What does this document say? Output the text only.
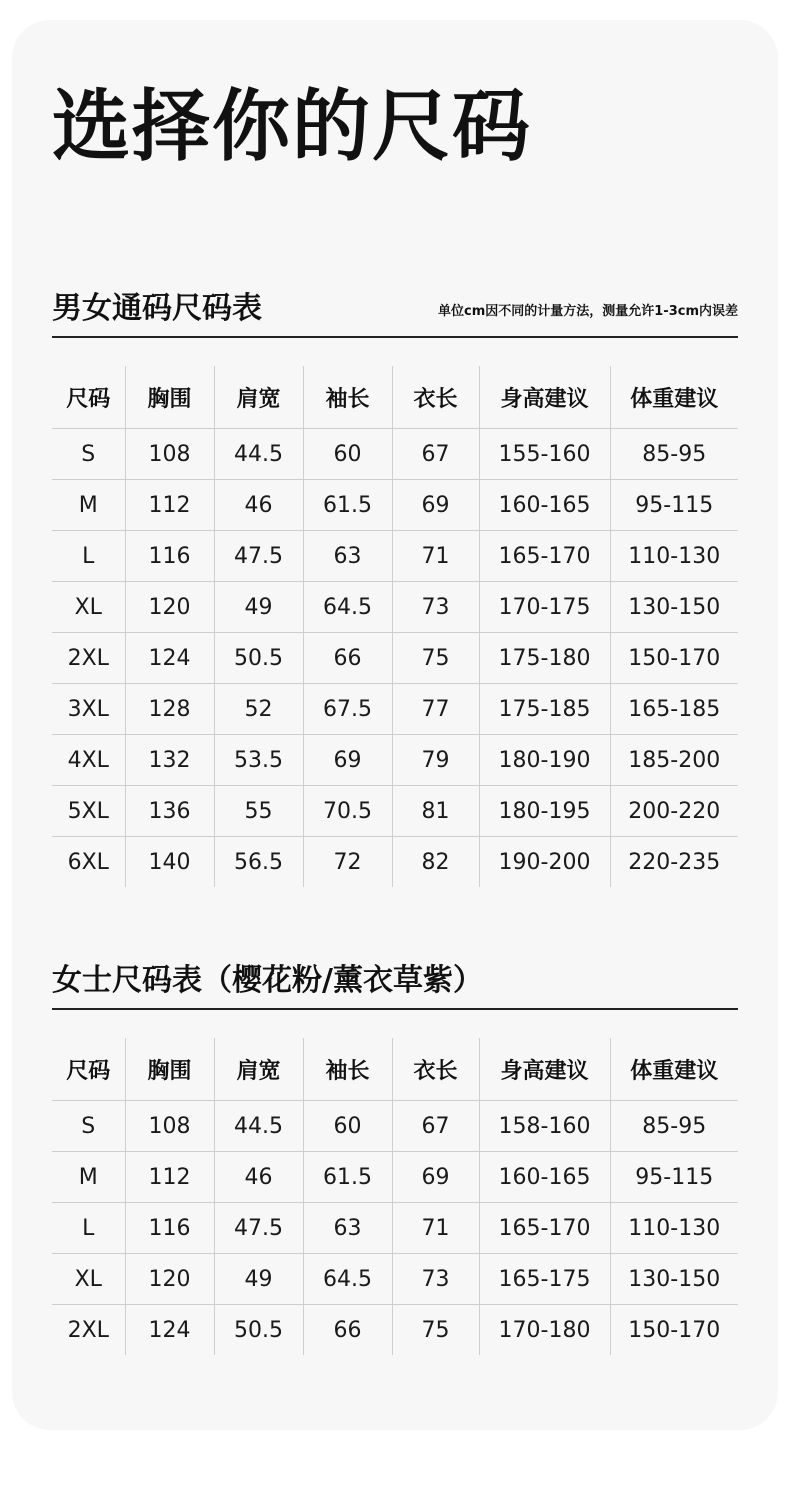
选择你的尺码
男女通码尺码表	单位cm因不同的计量方法，测量允许1-3cm内误差
尺码	胸围	肩宽	袖长	衣长	身高建议	体重建议
S	108	44.5	60	67	155-160	85-95
M	112	46	61.5	69	160-165	95-115
L	116	47.5	63	71	165-170	110-130
XL	120	49	64.5	73	170-175	130-150
2XL	124	50.5	66	75	175-180	150-170
3XL	128	52	67.5	77	175-185	165-185
4XL	132	53.5	69	79	180-190	185-200
5XL	136	55	70.5	81	180-195	200-220
6XL	140	56.5	72	82	190-200	220-235
女士尺码表（樱花粉/薰衣草紫）
尺码	胸围	肩宽	袖长	衣长	身高建议	体重建议
S	108	44.5	60	67	158-160	85-95
M	112	46	61.5	69	160-165	95-115
L	116	47.5	63	71	165-170	110-130
XL	120	49	64.5	73	165-175	130-150
2XL	124	50.5	66	75	170-180	150-170
